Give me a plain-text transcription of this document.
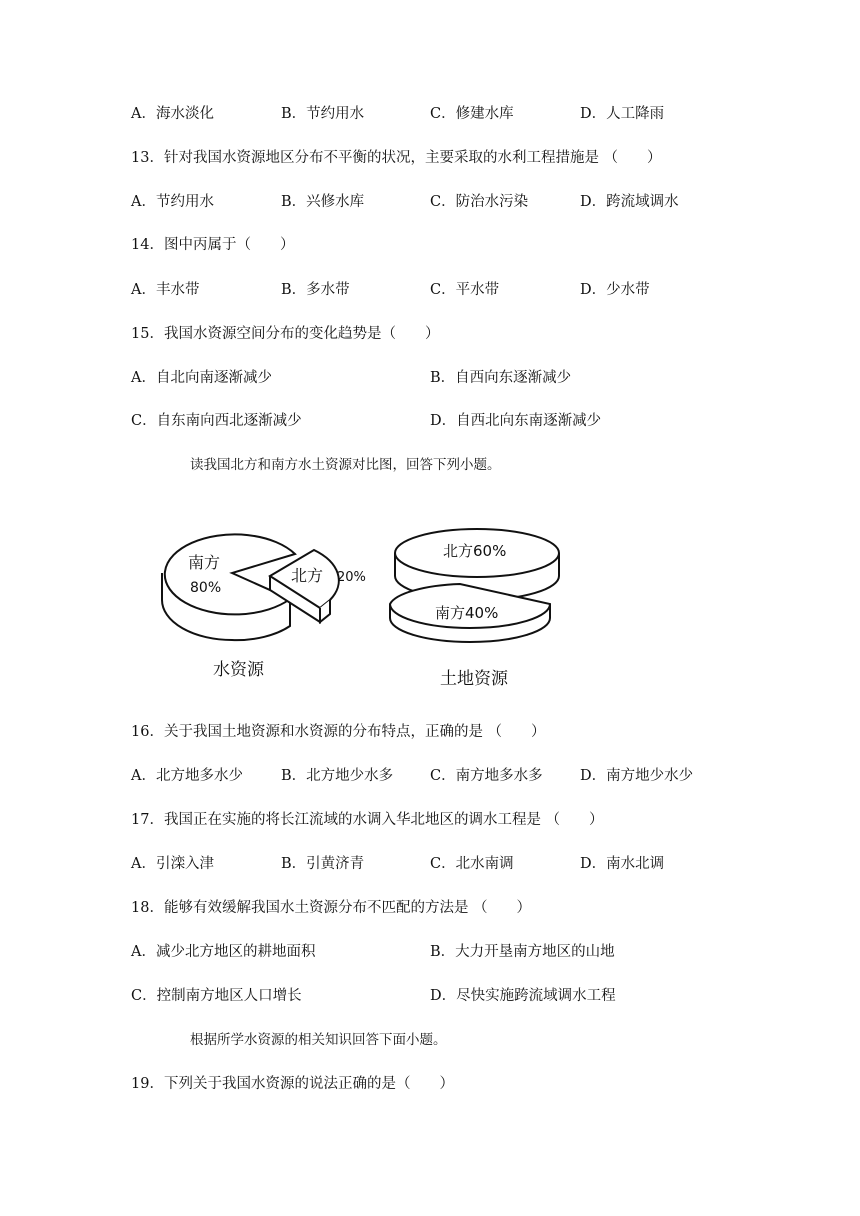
A．海水淡化	B．节约用水	C．修建水库	D．人工降雨
13．针对我国水资源地区分布不平衡的状况，主要采取的水利工程措施是 （　　）
A．节约用水	B．兴修水库	C．防治水污染	D．跨流域调水
14．图中丙属于（　　）
A．丰水带	B．多水带	C．平水带	D．少水带
15．我国水资源空间分布的变化趋势是（　　）
A．自北向南逐渐减少	B．自西向东逐渐减少
C．自东南向西北逐渐减少	D．自西北向东南逐渐减少
读我国北方和南方水土资源对比图，回答下列小题。
南方
80%
北方 20%
水资源
北方60%
南方40%
土地资源
16．关于我国土地资源和水资源的分布特点，正确的是 （　　）
A．北方地多水少	B．北方地少水多	C．南方地多水多	D．南方地少水少
17．我国正在实施的将长江流域的水调入华北地区的调水工程是 （　　）
A．引滦入津	B．引黄济青	C．北水南调	D．南水北调
18．能够有效缓解我国水土资源分布不匹配的方法是 （　　）
A．减少北方地区的耕地面积	B．大力开垦南方地区的山地
C．控制南方地区人口增长	D．尽快实施跨流域调水工程
根据所学水资源的相关知识回答下面小题。
19．下列关于我国水资源的说法正确的是（　　）
